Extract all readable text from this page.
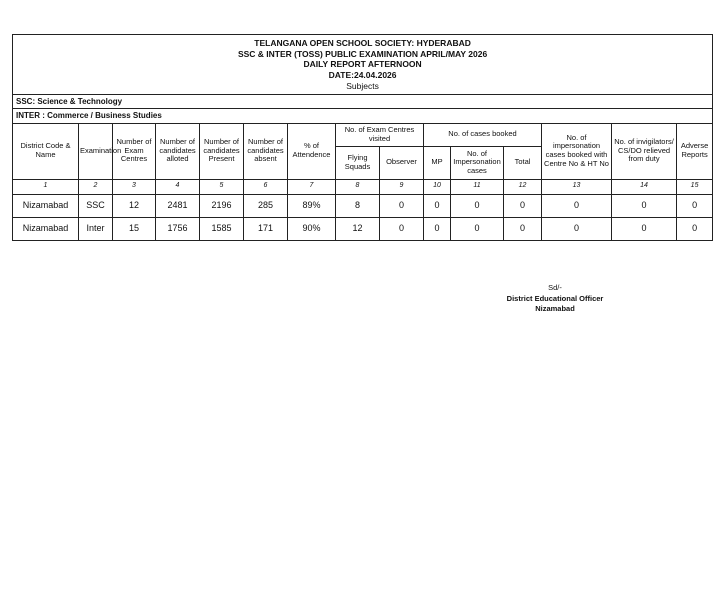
TELANGANA OPEN SCHOOL SOCIETY: HYDERABAD
SSC & INTER (TOSS) PUBLIC EXAMINATION APRIL/MAY 2026
DAILY REPORT AFTERNOON
DATE:24.04.2026
Subjects														

SSC: Science & Technology														
INTER : Commerce / Business Studies														
District Code & Name	Examination	Number of Exam Centres	Number of candidates alloted	Number of candidates Present	Number of candidates absent	% of Attendence	No. of Exam Centres visited		No. of cases booked			No. of impersonation cases booked with Centre No & HT No	No. of invigilators/ CS/DO relieved from duty	Adverse Reports
							Flying Squads	Observer	MP	No. of Impersonation cases	Total			
1	2	3	4	5	6	7	8	9	10	11	12	13	14	15
Nizamabad	SSC	12	2481	2196	285	89%	8	0	0	0	0	0	0	0
Nizamabad	Inter	15	1756	1585	171	90%	12	0	0	0	0	0	0	0
Sd/-
District Educational Officer
Nizamabad
